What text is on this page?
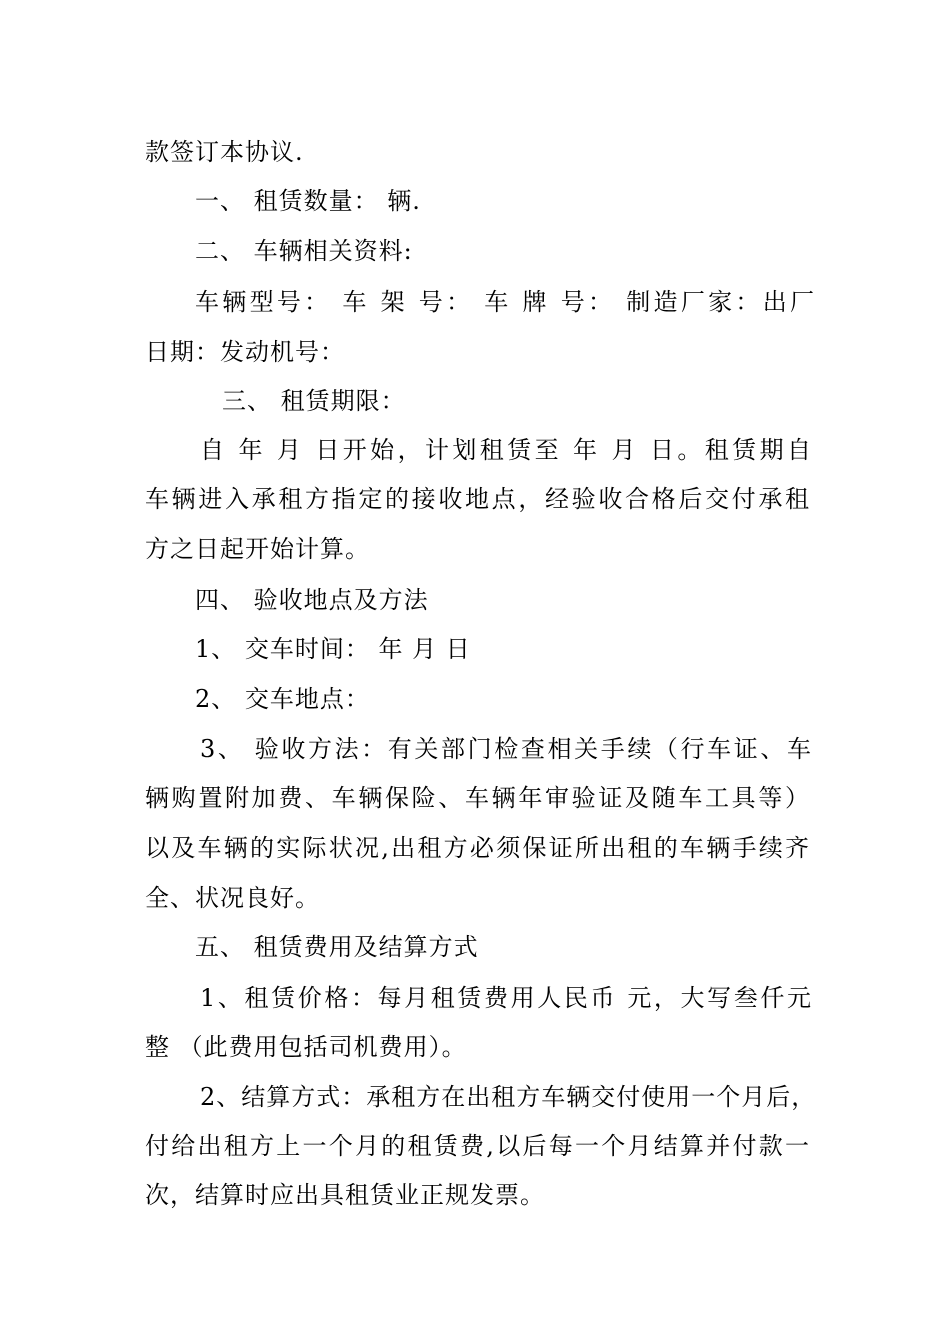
款签订本协议.
一、 租赁数量： 辆.
二、 车辆相关资料:
车辆型号： 车 架 号： 车 牌 号： 制造厂家：出厂
日期：发动机号：
三、 租赁期限：
自 年 月 日开始，计划租赁至 年 月 日。租赁期自
车辆进入承租方指定的接收地点，经验收合格后交付承租
方之日起开始计算。
四、 验收地点及方法
1、 交车时间： 年 月 日
2、 交车地点：
3、 验收方法：有关部门检查相关手续（行车证、车
辆购置附加费、车辆保险、车辆年审验证及随车工具等）
以及车辆的实际状况,出租方必须保证所出租的车辆手续齐
全、状况良好。
五、 租赁费用及结算方式
1、租赁价格：每月租赁费用人民币 元，大写叁仟元
整 （此费用包括司机费用）。
2、结算方式：承租方在出租方车辆交付使用一个月后，
付给出租方上一个月的租赁费,以后每一个月结算并付款一
次，结算时应出具租赁业正规发票。
